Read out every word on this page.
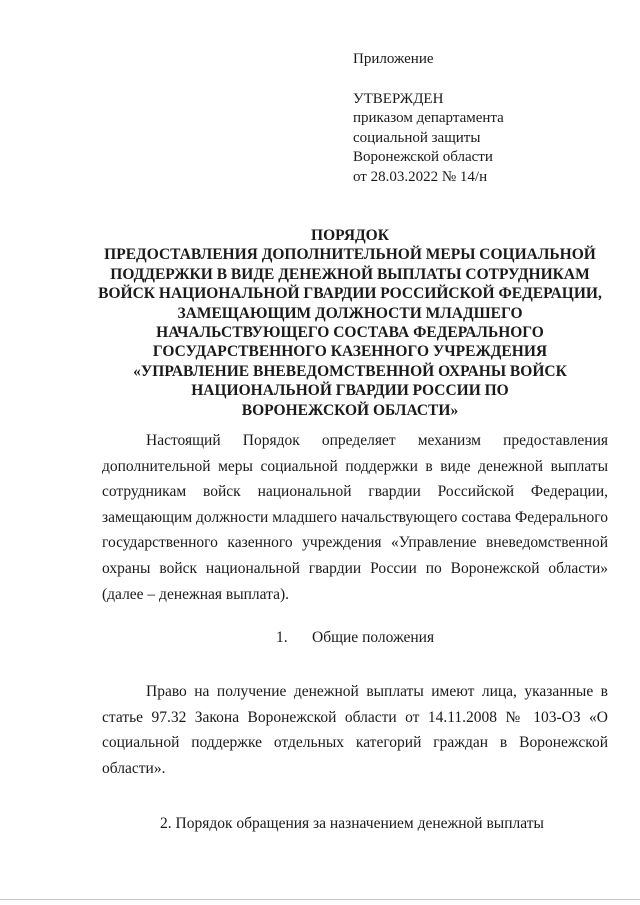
Приложение
УТВЕРЖДЕН
приказом департамента
социальной защиты
Воронежской области
от 28.03.2022 № 14/н
ПОРЯДОК
ПРЕДОСТАВЛЕНИЯ ДОПОЛНИТЕЛЬНОЙ МЕРЫ СОЦИАЛЬНОЙ
ПОДДЕРЖКИ В ВИДЕ ДЕНЕЖНОЙ ВЫПЛАТЫ СОТРУДНИКАМ
ВОЙСК НАЦИОНАЛЬНОЙ ГВАРДИИ РОССИЙСКОЙ ФЕДЕРАЦИИ,
ЗАМЕЩАЮЩИМ ДОЛЖНОСТИ МЛАДШЕГО
НАЧАЛЬСТВУЮЩЕГО СОСТАВА ФЕДЕРАЛЬНОГО
ГОСУДАРСТВЕННОГО КАЗЕННОГО УЧРЕЖДЕНИЯ
«УПРАВЛЕНИЕ ВНЕВЕДОМСТВЕННОЙ ОХРАНЫ ВОЙСК
НАЦИОНАЛЬНОЙ ГВАРДИИ РОССИИ ПО
ВОРОНЕЖСКОЙ ОБЛАСТИ»
Настоящий Порядок определяет механизм предоставления
дополнительной меры социальной поддержки в виде денежной выплаты
сотрудникам войск национальной гвардии Российской Федерации,
замещающим должности младшего начальствующего состава Федерального
государственного казенного учреждения «Управление вневедомственной
охраны войск национальной гвардии России по Воронежской области»
(далее – денежная выплата).
1. Общие положения
Право на получение денежной выплаты имеют лица, указанные в
статье 97.32 Закона Воронежской области от 14.11.2008 № 103-ОЗ «О
социальной поддержке отдельных категорий граждан в Воронежской
области».
2. Порядок обращения за назначением денежной выплаты
